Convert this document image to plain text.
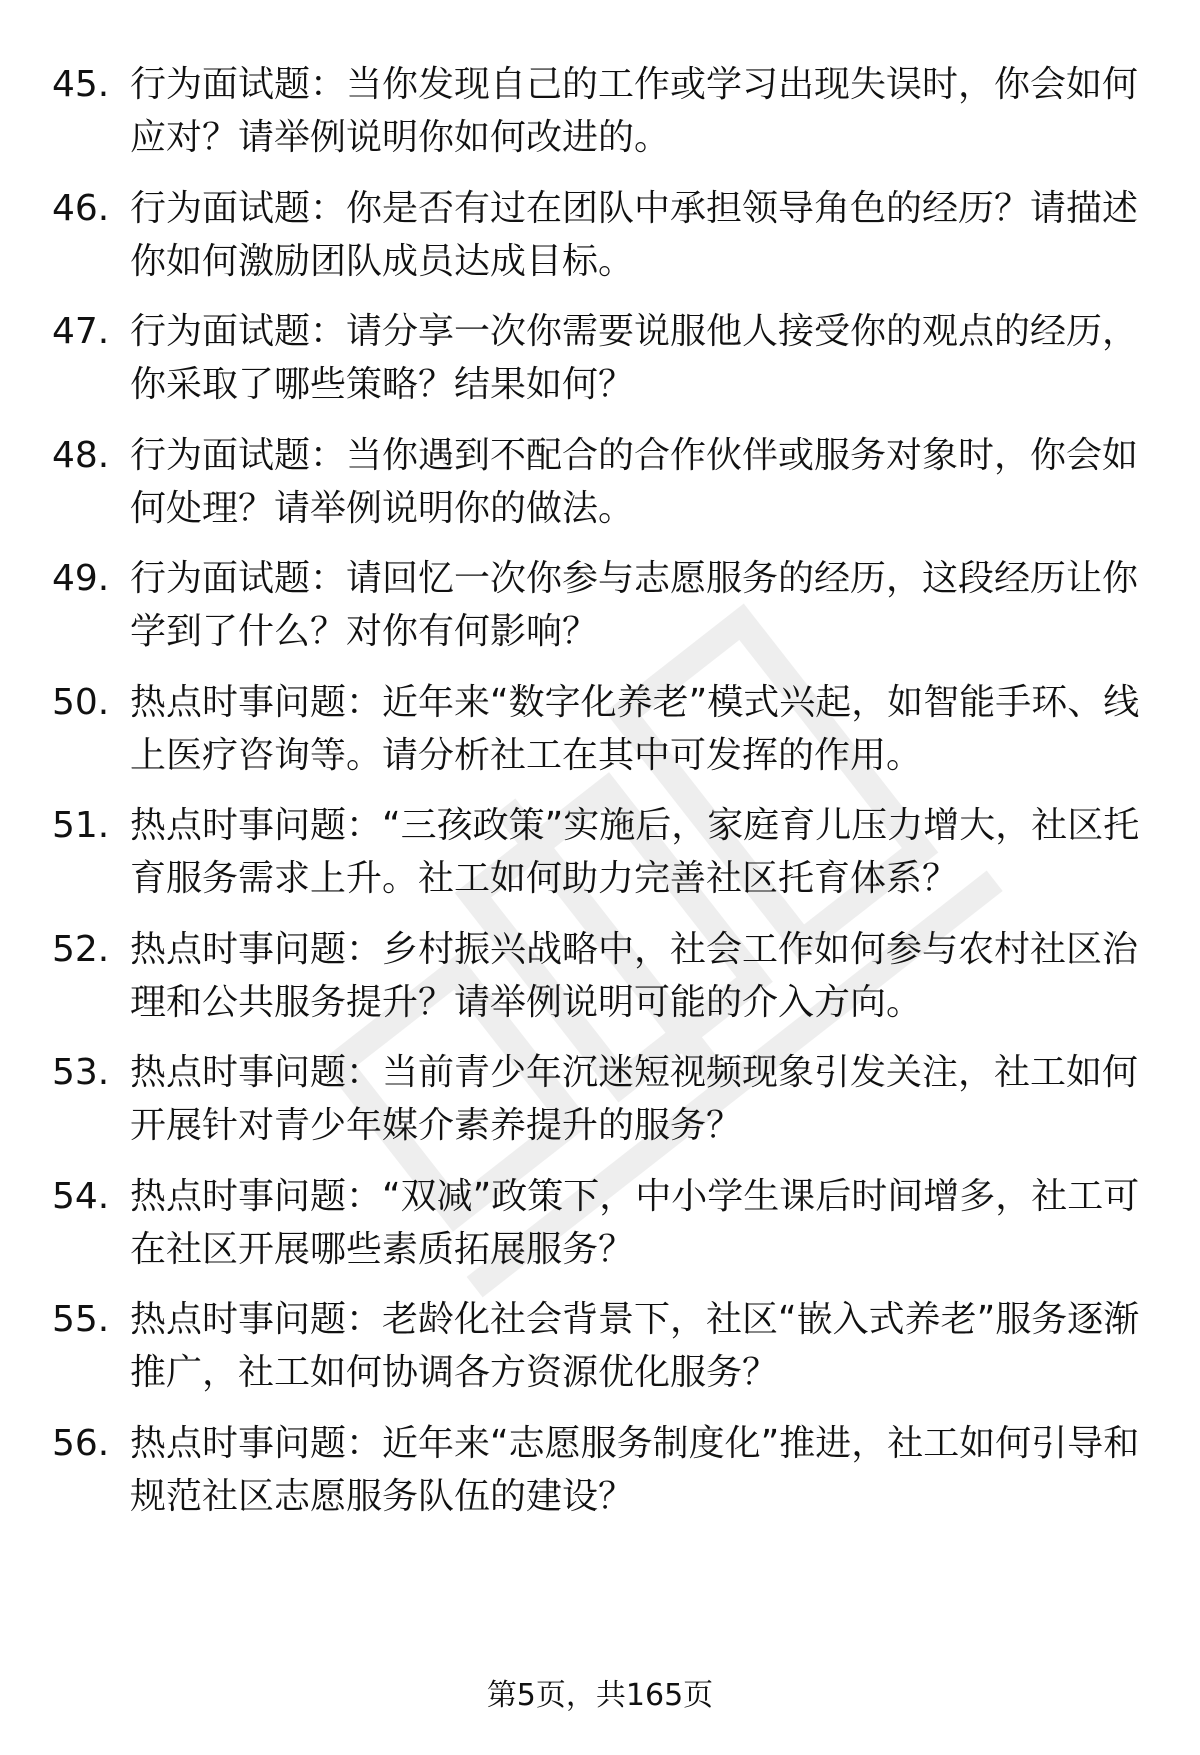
45. 行为面试题：当你发现自己的工作或学习出现失误时，你会如何应对？请举例说明你如何改进的。
46. 行为面试题：你是否有过在团队中承担领导角色的经历？请描述你如何激励团队成员达成目标。
47. 行为面试题：请分享一次你需要说服他人接受你的观点的经历，你采取了哪些策略？结果如何？
48. 行为面试题：当你遇到不配合的合作伙伴或服务对象时，你会如何处理？请举例说明你的做法。
49. 行为面试题：请回忆一次你参与志愿服务的经历，这段经历让你学到了什么？对你有何影响？
50. 热点时事问题：近年来“数字化养老”模式兴起，如智能手环、线上医疗咨询等。请分析社工在其中可发挥的作用。
51. 热点时事问题：“三孩政策”实施后，家庭育儿压力增大，社区托育服务需求上升。社工如何助力完善社区托育体系？
52. 热点时事问题：乡村振兴战略中，社会工作如何参与农村社区治理和公共服务提升？请举例说明可能的介入方向。
53. 热点时事问题：当前青少年沉迷短视频现象引发关注，社工如何开展针对青少年媒介素养提升的服务？
54. 热点时事问题：“双减”政策下，中小学生课后时间增多，社工可在社区开展哪些素质拓展服务？
55. 热点时事问题：老龄化社会背景下，社区“嵌入式养老”服务逐渐推广，社工如何协调各方资源优化服务？
56. 热点时事问题：近年来“志愿服务制度化”推进，社工如何引导和规范社区志愿服务队伍的建设？
第5页，共165页
